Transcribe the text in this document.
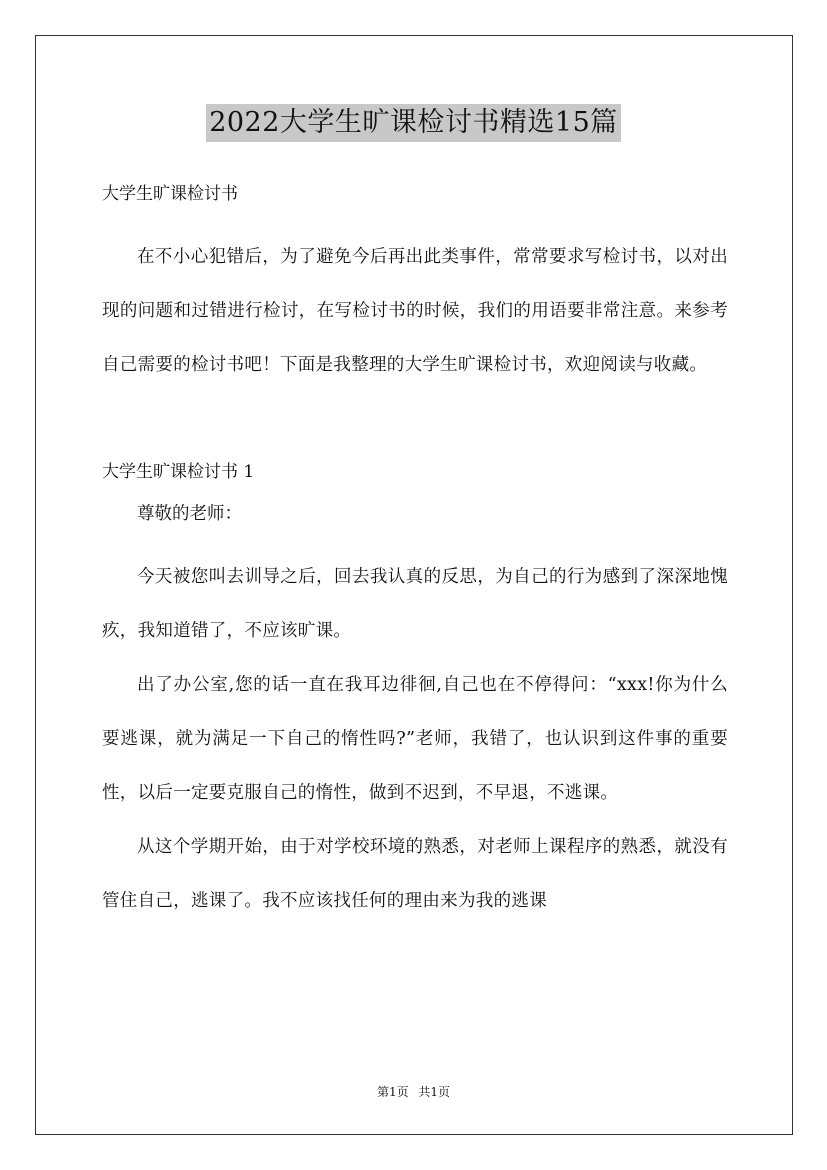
2022大学生旷课检讨书精选15篇

大学生旷课检讨书

在不小心犯错后，为了避免今后再出此类事件，常常要求写检讨书，以对出现的问题和过错进行检讨，在写检讨书的时候，我们的用语要非常注意。来参考自己需要的检讨书吧！下面是我整理的大学生旷课检讨书，欢迎阅读与收藏。

大学生旷课检讨书 1

尊敬的老师：

今天被您叫去训导之后，回去我认真的反思，为自己的行为感到了深深地愧疚，我知道错了，不应该旷课。

出了办公室,您的话一直在我耳边徘徊,自己也在不停得问：“xxx!你为什么要逃课，就为满足一下自己的惰性吗?”老师，我错了，也认识到这件事的重要性，以后一定要克服自己的惰性，做到不迟到，不早退，不逃课。

从这个学期开始，由于对学校环境的熟悉，对老师上课程序的熟悉，就没有管住自己，逃课了。我不应该找任何的理由来为我的逃课

第1页 共1页
